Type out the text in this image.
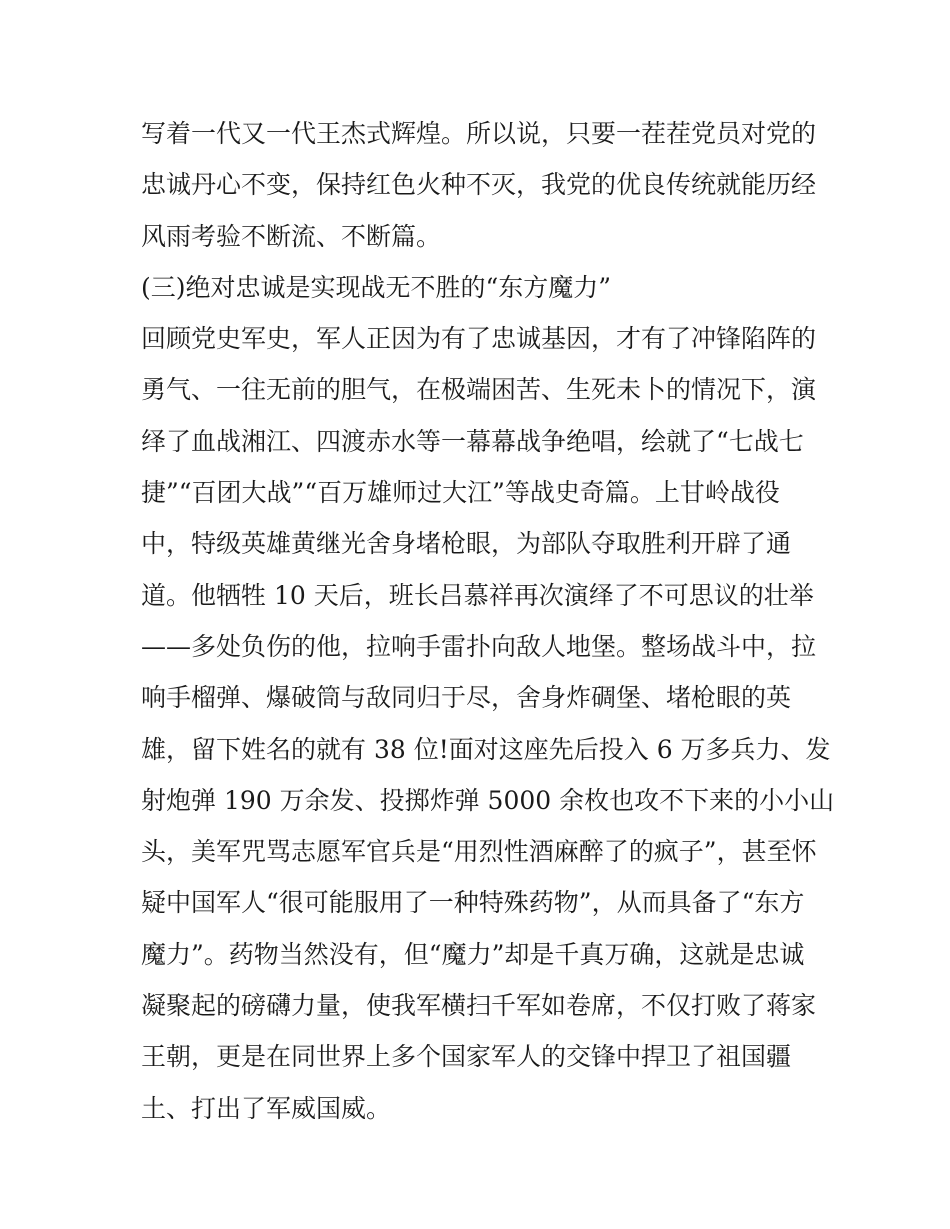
写着一代又一代王杰式辉煌。所以说，只要一茬茬党员对党的
忠诚丹心不变，保持红色火种不灭，我党的优良传统就能历经
风雨考验不断流、不断篇。
(三)绝对忠诚是实现战无不胜的“东方魔力”
回顾党史军史，军人正因为有了忠诚基因，才有了冲锋陷阵的
勇气、一往无前的胆气，在极端困苦、生死未卜的情况下，演
绎了血战湘江、四渡赤水等一幕幕战争绝唱，绘就了“七战七
捷”“百团大战”“百万雄师过大江”等战史奇篇。上甘岭战役
中，特级英雄黄继光舍身堵枪眼，为部队夺取胜利开辟了通
道。他牺牲 10 天后，班长吕慕祥再次演绎了不可思议的壮举
——多处负伤的他，拉响手雷扑向敌人地堡。整场战斗中，拉
响手榴弹、爆破筒与敌同归于尽，舍身炸碉堡、堵枪眼的英
雄，留下姓名的就有 38 位!面对这座先后投入 6 万多兵力、发
射炮弹 190 万余发、投掷炸弹 5000 余枚也攻不下来的小小山
头，美军咒骂志愿军官兵是“用烈性酒麻醉了的疯子”，甚至怀
疑中国军人“很可能服用了一种特殊药物”，从而具备了“东方
魔力”。药物当然没有，但“魔力”却是千真万确，这就是忠诚
凝聚起的磅礴力量，使我军横扫千军如卷席，不仅打败了蒋家
王朝，更是在同世界上多个国家军人的交锋中捍卫了祖国疆
土、打出了军威国威。
